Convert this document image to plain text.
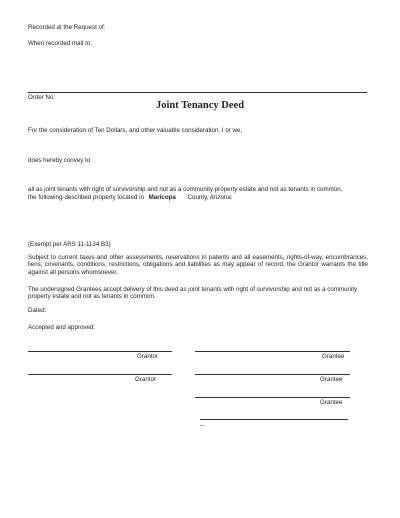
Recorded at the Request of:
When recorded mail to:
Order No:
Joint Tenancy Deed
For the consideration of Ten Dollars, and other valuable consideration, I or we,
does hereby convey to
all as joint tenants with right of survivorship and not as a community property estate and not as tenants in common,
the following-described property located in Maricopa County, Arizona:
(Exempt per ARS 11-1134 B3)
Subject to current taxes and other assessments, reservations in patents and all easements, rights-of-way, encumbrances, liens, covenants, conditions, restrictions, obligations and liabilities as may appear of record, the Grantor warrants the title against all persons whomsoever.
The undersigned Grantees accept delivery of this deed as joint tenants with right of survivorship and not as a community property estate and not as tenants in common.
Dated:
Accepted and approved:
Grantor	Grantee
Grantor	Grantee
Grantee
--
